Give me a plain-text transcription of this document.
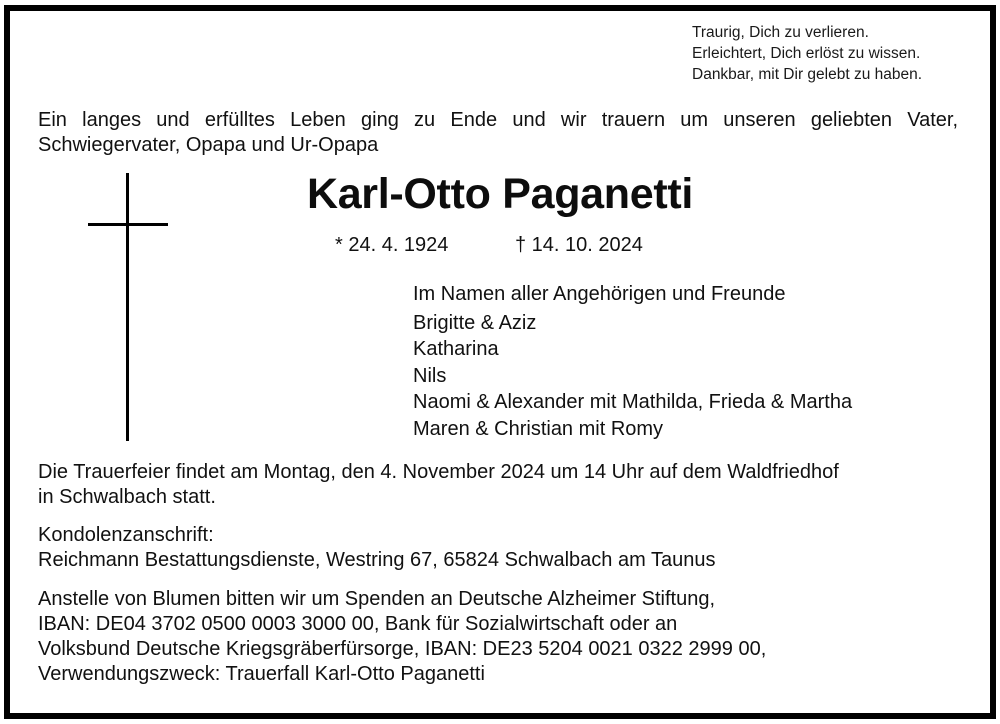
Traurig, Dich zu verlieren.
Erleichtert, Dich erlöst zu wissen.
Dankbar, mit Dir gelebt zu haben.
Ein langes und erfülltes Leben ging zu Ende und wir trauern um unseren geliebten Vater, Schwiegervater, Opapa und Ur-Opapa
Karl-Otto Paganetti
* 24. 4. 1924	† 14. 10. 2024
Im Namen aller Angehörigen und Freunde
Brigitte & Aziz
Katharina
Nils
Naomi & Alexander mit Mathilda, Frieda & Martha
Maren & Christian mit Romy
Die Trauerfeier findet am Montag, den 4. November 2024 um 14 Uhr auf dem Waldfriedhof
in Schwalbach statt.
Kondolenzanschrift:
Reichmann Bestattungsdienste, Westring 67, 65824 Schwalbach am Taunus
Anstelle von Blumen bitten wir um Spenden an Deutsche Alzheimer Stiftung,
IBAN: DE04 3702 0500 0003 3000 00, Bank für Sozialwirtschaft oder an
Volksbund Deutsche Kriegsgräberfürsorge, IBAN: DE23 5204 0021 0322 2999 00,
Verwendungszweck: Trauerfall Karl-Otto Paganetti
